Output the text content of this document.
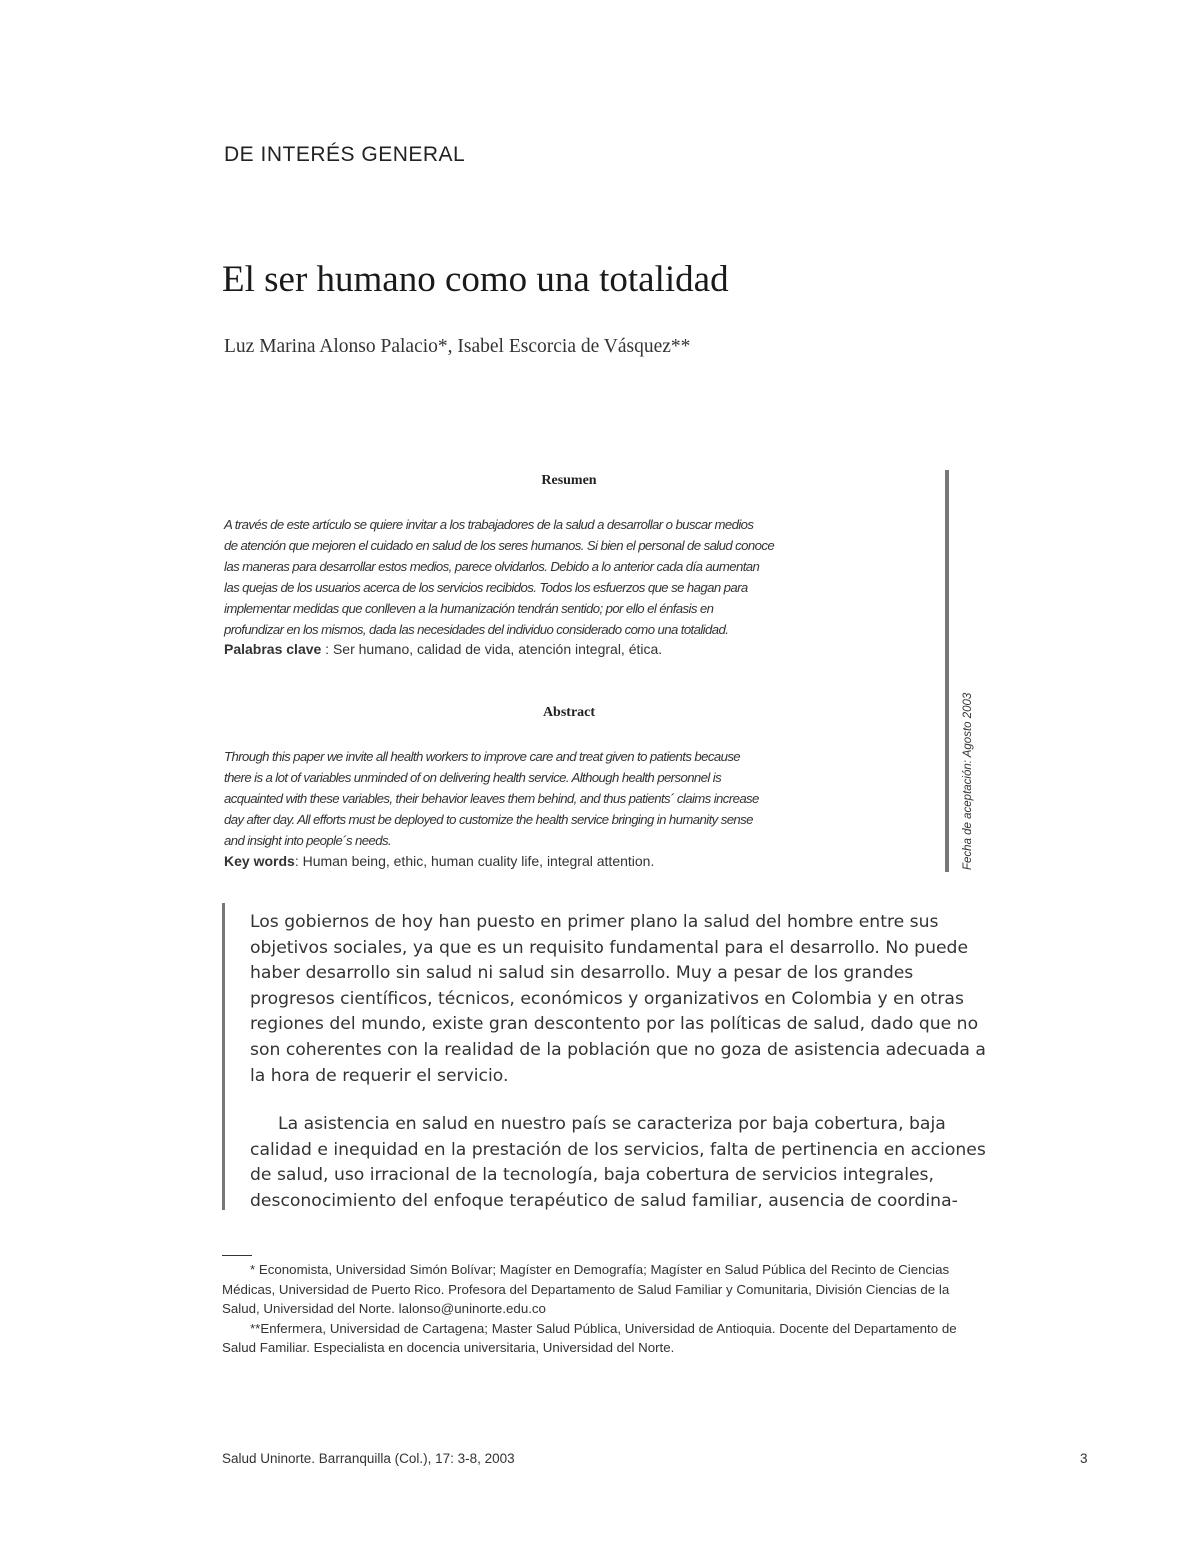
DE INTERÉS GENERAL
El ser humano como una totalidad
Luz Marina Alonso Palacio*, Isabel Escorcia de Vásquez**
Fecha de aceptación: Agosto 2003
Resumen
A través de este artículo se quiere invitar a los trabajadores de la salud a desarrollar o buscar medios
de atención que mejoren el cuidado en salud de los seres humanos. Si bien el personal de salud conoce
las maneras para desarrollar estos medios, parece olvidarlos. Debido a lo anterior cada día aumentan
las quejas de los usuarios acerca de los servicios recibidos. Todos los esfuerzos que se hagan para
implementar medidas que conlleven a la humanización tendrán sentido; por ello el énfasis en
profundizar en los mismos, dada las necesidades del individuo considerado como una totalidad.
Palabras clave : Ser humano, calidad de vida, atención integral, ética.
Abstract
Through this paper we invite all health workers to improve care and treat given to patients because
there is a lot of variables unminded of on delivering health service. Although health personnel is
acquainted with these variables, their behavior leaves them behind, and thus patients´ claims increase
day after day. All efforts must be deployed to customize the health service bringing in humanity sense
and insight into people´s needs.
Key words: Human being, ethic, human cuality life, integral attention.
Los gobiernos de hoy han puesto en primer plano la salud del hombre entre sus
objetivos sociales, ya que es un requisito fundamental para el desarrollo. No puede
haber desarrollo sin salud ni salud sin desarrollo. Muy a pesar de los grandes
progresos científicos, técnicos, económicos y organizativos en Colombia y en otras
regiones del mundo, existe gran descontento por las políticas de salud, dado que no
son coherentes con la realidad de la población que no goza de asistencia adecuada a
la hora de requerir el servicio.
La asistencia en salud en nuestro país se caracteriza por baja cobertura, baja
calidad e inequidad en la prestación de los servicios, falta de pertinencia en acciones
de salud, uso irracional de la tecnología, baja cobertura de servicios integrales,
desconocimiento del enfoque terapéutico de salud familiar, ausencia de coordina-
* Economista, Universidad Simón Bolívar; Magíster en Demografía; Magíster en Salud Pública del Recinto de Ciencias
Médicas, Universidad de Puerto Rico. Profesora del Departamento de Salud Familiar y Comunitaria, División Ciencias de la
Salud, Universidad del Norte. lalonso@uninorte.edu.co
**Enfermera, Universidad de Cartagena; Master Salud Pública, Universidad de Antioquia. Docente del Departamento de
Salud Familiar. Especialista en docencia universitaria, Universidad del Norte.
Salud Uninorte. Barranquilla (Col.), 17: 3-8, 2003	3
